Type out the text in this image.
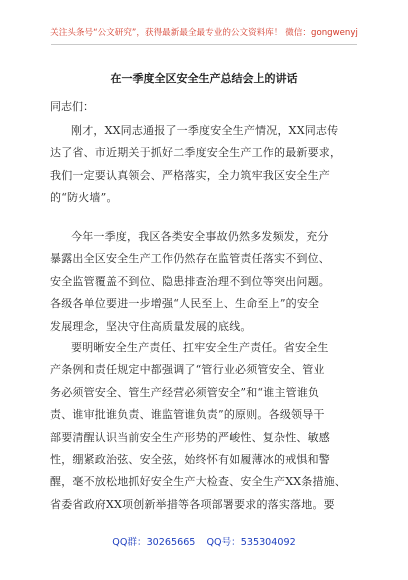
关注头条号“公文研究”，获得最新最全最专业的公文资料库！ 微信：gongwenyj
在一季度全区安全生产总结会上的讲话
同志们：
刚才，XX同志通报了一季度安全生产情况，XX同志传
达了省、市近期关于抓好二季度安全生产工作的最新要求，
我们一定要认真领会、严格落实，全力筑牢我区安全生产
的“防火墙”。
今年一季度，我区各类安全事故仍然多发频发，充分
暴露出全区安全生产工作仍然存在监管责任落实不到位、
安全监管覆盖不到位、隐患排查治理不到位等突出问题。
各级各单位要进一步增强“人民至上、生命至上”的安全
发展理念，坚决守住高质量发展的底线。
要明晰安全生产责任、扛牢安全生产责任。省安全生
产条例和责任规定中都强调了“管行业必须管安全、管业
务必须管安全、管生产经营必须管安全”和“谁主管谁负
责、谁审批谁负责、谁监管谁负责”的原则。各级领导干
部要清醒认识当前安全生产形势的严峻性、复杂性、敏感
性，绷紧政治弦、安全弦，始终怀有如履薄冰的戒惧和警
醒，毫不放松地抓好安全生产大检查、安全生产XX条措施、
省委省政府XX项创新举措等各项部署要求的落实落地。要
QQ群：30265665 QQ号：535304092
